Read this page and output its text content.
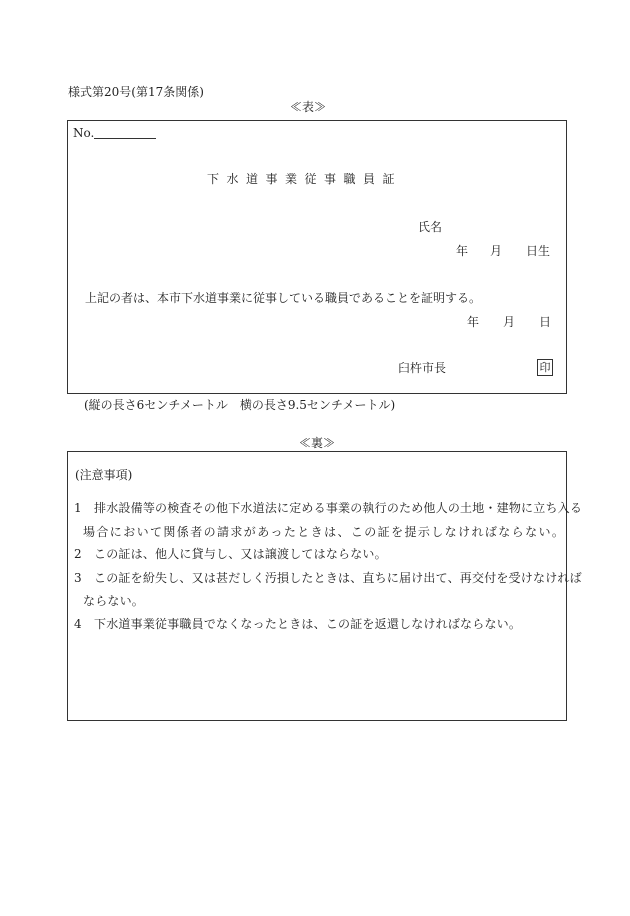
様式第20号(第17条関係)
≪表≫
No.
下水道事業従事職員証
氏名
年 月 日生
上記の者は、本市下水道事業に従事している職員であることを証明する。
年 月 日
臼杵市長	印
(縦の長さ6センチメートル　横の長さ9.5センチメートル)
≪裏≫
(注意事項)
1　排水設備等の検査その他下水道法に定める事業の執行のため他人の土地・建物に立ち入る
場合において関係者の請求があったときは、この証を提示しなければならない。
2　この証は、他人に貸与し、又は譲渡してはならない。
3　この証を紛失し、又は甚だしく汚損したときは、直ちに届け出て、再交付を受けなければ
ならない。
4　下水道事業従事職員でなくなったときは、この証を返還しなければならない。
